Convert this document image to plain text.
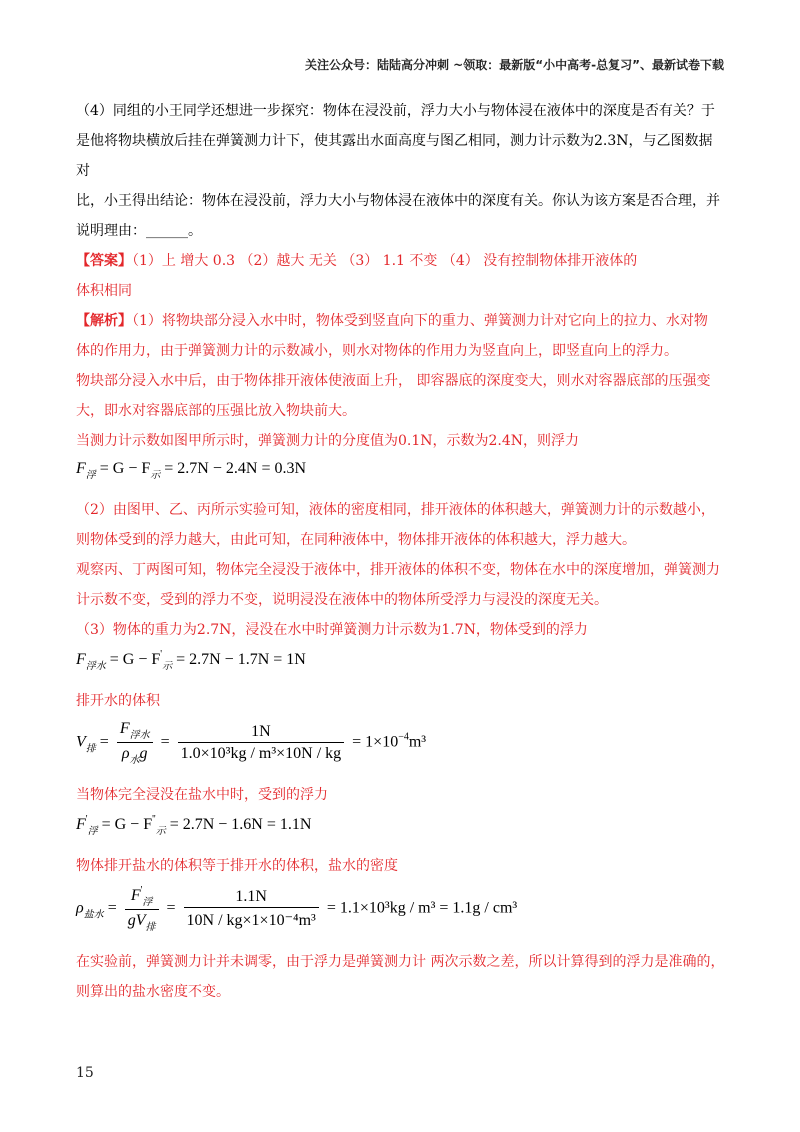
关注公众号：陆陆高分冲刺 ~领取：最新版“小中高考-总复习”、最新试卷下载

（4）同组的小王同学还想进一步探究：物体在浸没前，浮力大小与物体浸在液体中的深度是否有关？于

是他将物块横放后挂在弹簧测力计下，使其露出水面高度与图乙相同，测力计示数为2.3N，与乙图数据对

比，小王得出结论：物体在浸没前，浮力大小与物体浸在液体中的深度有关。你认为该方案是否合理，并

说明理由：______。

【答案】（1）上 增大 0.3 （2）越大 无关 （3） 1.1 不变 （4） 没有控制物体排开液体的

体积相同

【解析】（1）将物块部分浸入水中时，物体受到竖直向下的重力、弹簧测力计对它向上的拉力、水对物

体的作用力，由于弹簧测力计的示数减小，则水对物体的作用力为竖直向上，即竖直向上的浮力。

物块部分浸入水中后，由于物体排开液体使液面上升， 即容器底的深度变大，则水对容器底部的压强变

大，即水对容器底部的压强比放入物块前大。

当测力计示数如图甲所示时，弹簧测力计的分度值为0.1N，示数为2.4N，则浮力

$F_浮 = G - F_示 = 2.7N - 2.4N = 0.3N$

（2）由图甲、乙、丙所示实验可知，液体的密度相同，排开液体的体积越大，弹簧测力计的示数越小，

则物体受到的浮力越大，由此可知，在同种液体中，物体排开液体的体积越大，浮力越大。

观察丙、丁两图可知，物体完全浸没于液体中，排开液体的体积不变，物体在水中的深度增加，弹簧测力

计示数不变，受到的浮力不变，说明浸没在液体中的物体所受浮力与浸没的深度无关。

（3）物体的重力为2.7N，浸没在水中时弹簧测力计示数为1.7N，物体受到的浮力

$F_{浮水} = G - F'_示 = 2.7N - 1.7N = 1N$

排开水的体积

$V_排 = \frac{F_{浮水}}{\rho_水g} = \frac{1N}{\text{1.0×10³kg / m³×10N / kg}} = 1\times 10^{-4}m^3$

当物体完全浸没在盐水中时，受到的浮力

$F'_浮 = G - F''_示 = 2.7N - 1.6N = 1.1N$

物体排开盐水的体积等于排开水的体积，盐水的密度

$\rho_{盐水} = \frac{F'_浮}{gV_排} = \frac{1.1N}{\text{10N / kg×1×10⁻⁴m³}} = 1.1\times 10^3kg / m^3 = 1.1g / cm^3$

在实验前，弹簧测力计并未调零，由于浮力是弹簧测力计 两次示数之差，所以计算得到的浮力是准确的，

则算出的盐水密度不变。

15
